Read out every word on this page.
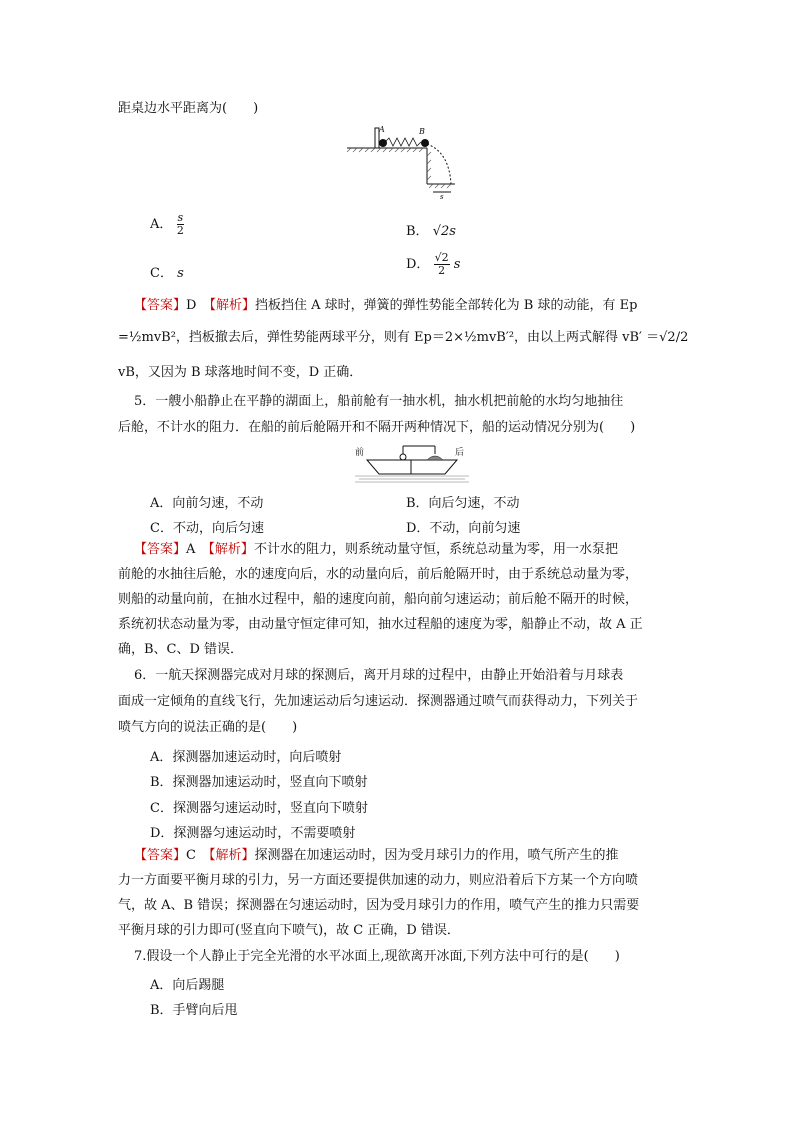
距桌边水平距离为(　　)
A	B
s
A． $\frac{s}{2}$	B． √2s
C． s
D． $\frac{√2}{2}$ s
【答案】D　 【解析】挡板挡住 A 球时，弹簧的弹性势能全部转化为 B 球的动能，有 Ep
=½mvB²，挡板撤去后，弹性势能两球平分，则有 Ep＝2×½mvB′²，由以上两式解得 vB′ ＝√2/2
vB，又因为 B 球落地时间不变，D 正确．
5．一艘小船静止在平静的湖面上，船前舱有一抽水机，抽水机把前舱的水均匀地抽往
后舱，不计水的阻力．在船的前后舱隔开和不隔开两种情况下，船的运动情况分别为(　　)
前	后
A．向前匀速，不动	B．向后匀速，不动
C．不动，向后匀速	D．不动，向前匀速
【答案】A　 【解析】不计水的阻力，则系统动量守恒，系统总动量为零，用一水泵把
前舱的水抽往后舱，水的速度向后，水的动量向后，前后舱隔开时，由于系统总动量为零，
则船的动量向前，在抽水过程中，船的速度向前，船向前匀速运动；前后舱不隔开的时候，
系统初状态动量为零，由动量守恒定律可知，抽水过程船的速度为零，船静止不动，故 A 正
确，B、C、D 错误．
6．一航天探测器完成对月球的探测后，离开月球的过程中，由静止开始沿着与月球表
面成一定倾角的直线飞行，先加速运动后匀速运动．探测器通过喷气而获得动力，下列关于
喷气方向的说法正确的是(　　)
A．探测器加速运动时，向后喷射
B．探测器加速运动时，竖直向下喷射
C．探测器匀速运动时，竖直向下喷射
D．探测器匀速运动时，不需要喷射
【答案】C　 【解析】探测器在加速运动时，因为受月球引力的作用，喷气所产生的推
力一方面要平衡月球的引力，另一方面还要提供加速的动力，则应沿着后下方某一个方向喷
气，故 A、B 错误；探测器在匀速运动时，因为受月球引力的作用，喷气产生的推力只需要
平衡月球的引力即可(竖直向下喷气)，故 C 正确，D 错误．
7.假设一个人静止于完全光滑的水平冰面上,现欲离开冰面,下列方法中可行的是(　　)
A．向后踢腿
B．手臂向后甩
